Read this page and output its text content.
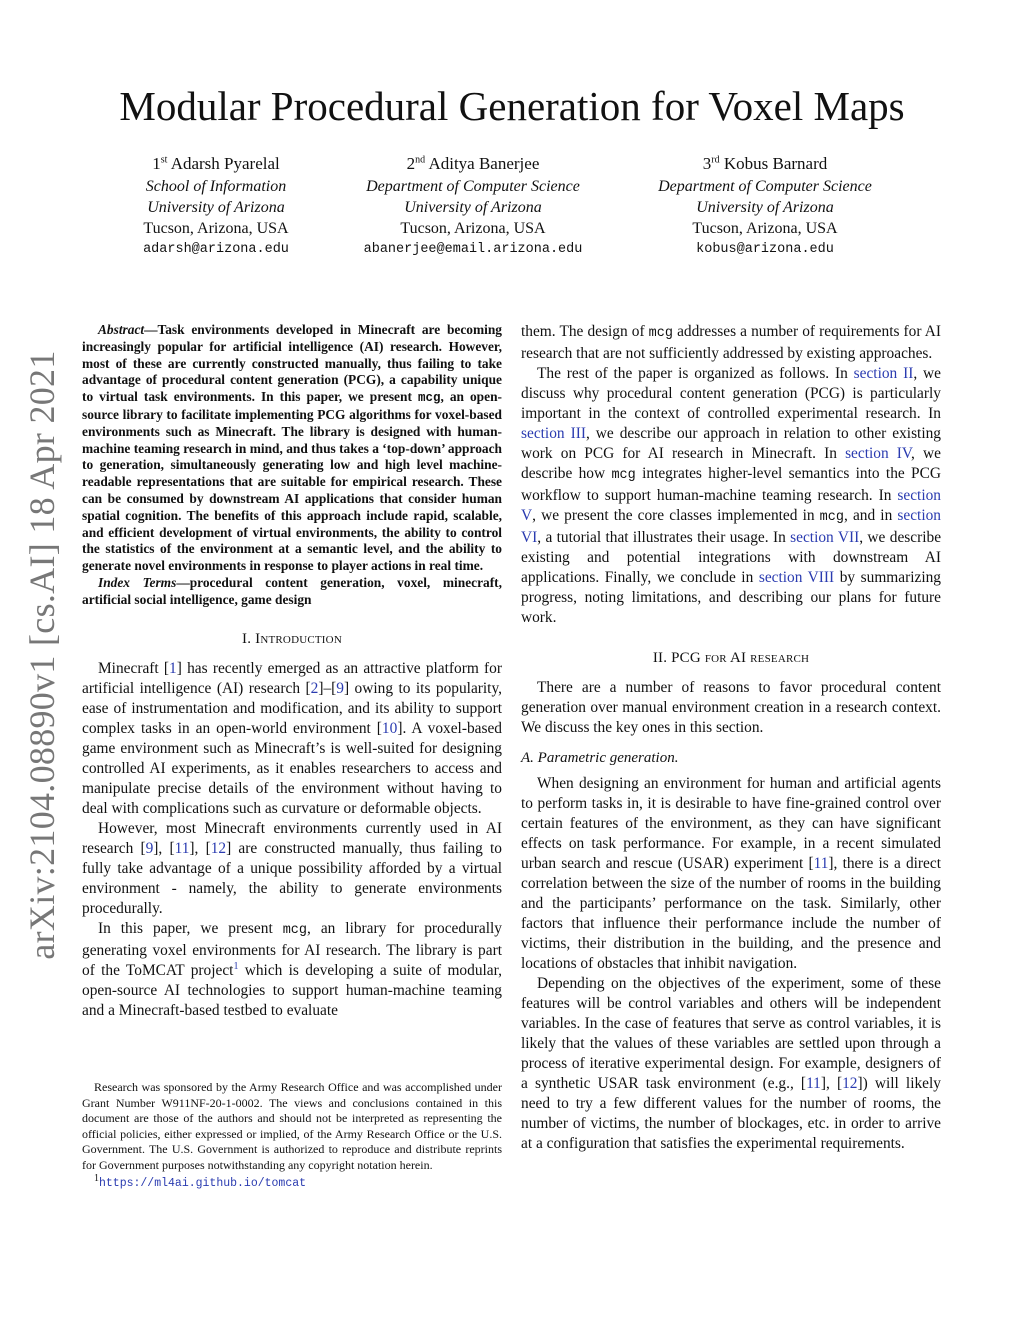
arXiv:2104.08890v1 [cs.AI] 18 Apr 2021
Modular Procedural Generation for Voxel Maps
1st Adarsh Pyarelal
School of Information
University of Arizona
Tucson, Arizona, USA
adarsh@arizona.edu
2nd Aditya Banerjee
Department of Computer Science
University of Arizona
Tucson, Arizona, USA
abanerjee@email.arizona.edu
3rd Kobus Barnard
Department of Computer Science
University of Arizona
Tucson, Arizona, USA
kobus@arizona.edu

Abstract—Task environments developed in Minecraft are becoming increasingly popular for artificial intelligence (AI) research. However, most of these are currently constructed manually, thus failing to take advantage of procedural content generation (PCG), a capability unique to virtual task environments. In this paper, we present mcg, an open-source library to facilitate implementing PCG algorithms for voxel-based environments such as Minecraft. The library is designed with human-machine teaming research in mind, and thus takes a ‘top-down’ approach to generation, simultaneously generating low and high level machine-readable representations that are suitable for empirical research. These can be consumed by downstream AI applications that consider human spatial cognition. The benefits of this approach include rapid, scalable, and efficient development of virtual environments, the ability to control the statistics of the environment at a semantic level, and the ability to generate novel environments in response to player actions in real time.

Index Terms—procedural content generation, voxel, minecraft, artificial social intelligence, game design

I. Introduction

Minecraft [1] has recently emerged as an attractive platform for artificial intelligence (AI) research [2]–[9] owing to its popularity, ease of instrumentation and modification, and its ability to support complex tasks in an open-world environment [10]. A voxel-based game environment such as Minecraft’s is well-suited for designing controlled AI experiments, as it enables researchers to access and manipulate precise details of the environment without having to deal with complications such as curvature or deformable objects.

However, most Minecraft environments currently used in AI research [9], [11], [12] are constructed manually, thus failing to fully take advantage of a unique possibility afforded by a virtual environment - namely, the ability to generate environments procedurally.

In this paper, we present mcg, an library for procedurally generating voxel environments for AI research. The library is part of the ToMCAT project$^1$ which is developing a suite of modular, open-source AI technologies to support human-machine teaming and a Minecraft-based testbed to evaluate

Research was sponsored by the Army Research Office and was accomplished under Grant Number W911NF-20-1-0002. The views and conclusions contained in this document are those of the authors and should not be interpreted as representing the official policies, either expressed or implied, of the Army Research Office or the U.S. Government. The U.S. Government is authorized to reproduce and distribute reprints for Government purposes notwithstanding any copyright notation herein.

$^1$https://ml4ai.github.io/tomcat

them. The design of mcg addresses a number of requirements for AI research that are not sufficiently addressed by existing approaches.

The rest of the paper is organized as follows. In section II, we discuss why procedural content generation (PCG) is particularly important in the context of controlled experimental research. In section III, we describe our approach in relation to other existing work on PCG for AI research in Minecraft. In section IV, we describe how mcg integrates higher-level semantics into the PCG workflow to support human-machine teaming research. In section V, we present the core classes implemented in mcg, and in section VI, a tutorial that illustrates their usage. In section VII, we describe existing and potential integrations with downstream AI applications. Finally, we conclude in section VIII by summarizing progress, noting limitations, and describing our plans for future work.

II. PCG for AI research

There are a number of reasons to favor procedural content generation over manual environment creation in a research context. We discuss the key ones in this section.

A. Parametric generation.

When designing an environment for human and artificial agents to perform tasks in, it is desirable to have fine-grained control over certain features of the environment, as they can have significant effects on task performance. For example, in a recent simulated urban search and rescue (USAR) experiment [11], there is a direct correlation between the size of the number of rooms in the building and the participants’ performance on the task. Similarly, other factors that influence their performance include the number of victims, their distribution in the building, and the presence and locations of obstacles that inhibit navigation.

Depending on the objectives of the experiment, some of these features will be control variables and others will be independent variables. In the case of features that serve as control variables, it is likely that the values of these variables are settled upon through a process of iterative experimental design. For example, designers of a synthetic USAR task environment (e.g., [11], [12]) will likely need to try a few different values for the number of rooms, the number of victims, the number of blockages, etc. in order to arrive at a configuration that satisfies the experimental requirements.
